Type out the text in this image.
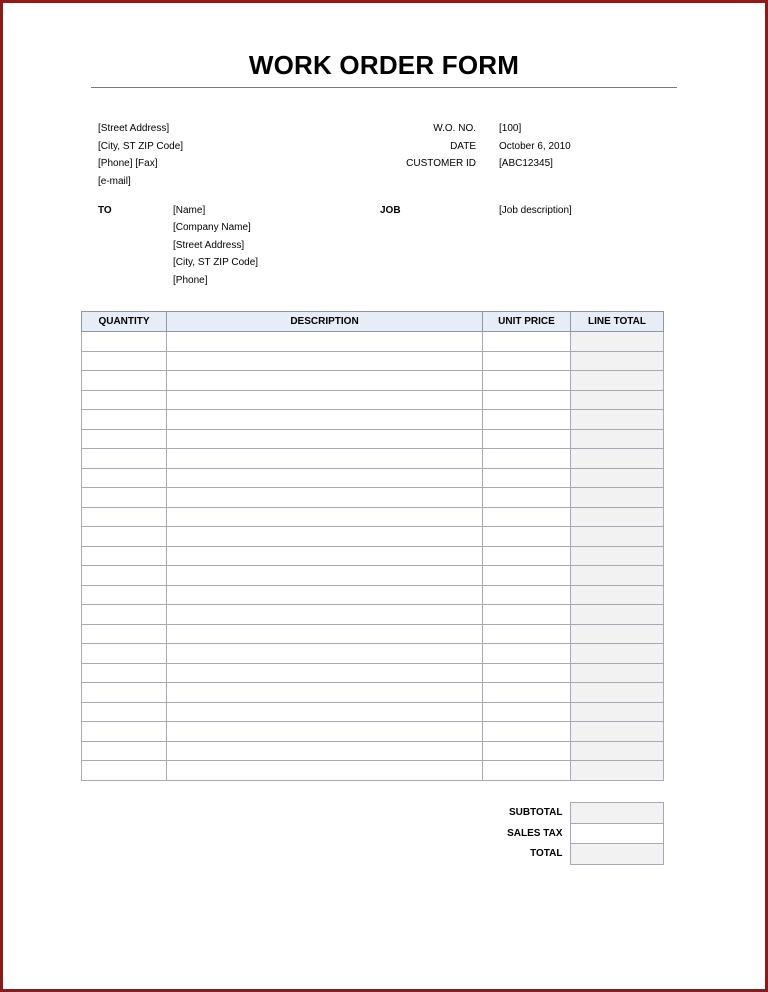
WORK ORDER FORM
[Street Address]
[City, ST ZIP Code]
[Phone] [Fax]
[e-mail]
W.O. NO. [100]
DATE October 6, 2010
CUSTOMER ID [ABC12345]
TO	[Name]
[Company Name]
[Street Address]
[City, ST ZIP Code]
[Phone]
JOB	[Job description]
QUANTITY	DESCRIPTION	UNIT PRICE	LINE TOTAL

SUBTOTAL	
SALES TAX	
TOTAL	
